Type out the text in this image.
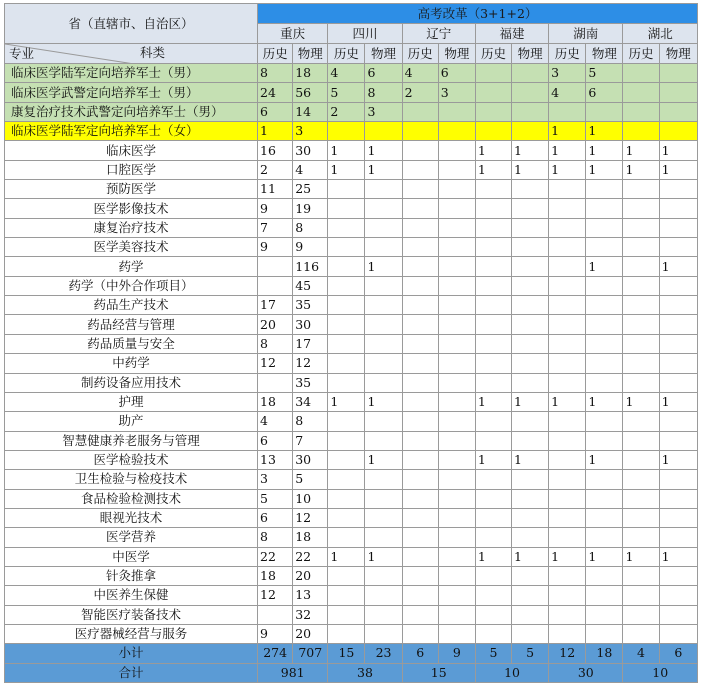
省（直辖市、自治区）	高考改革（3+1+2）											
	重庆		四川		辽宁		福建		湖南		湖北	

科类
专业	历史	物理	历史	物理	历史	物理	历史	物理	历史	物理	历史	物理

临床医学陆军定向培养军士（男）	8	18	4	6	4	6			3	5		
临床医学武警定向培养军士（男）	24	56	5	8	2	3			4	6		
康复治疗技术武警定向培养军士（男）	6	14	2	3								
临床医学陆军定向培养军士（女）	1	3							1	1		
临床医学	16	30	1	1			1	1	1	1	1	1
口腔医学	2	4	1	1			1	1	1	1	1	1
预防医学	11	25										
医学影像技术	9	19										
康复治疗技术	7	8										
医学美容技术	9	9										
药学		116		1						1		1
药学（中外合作项目）		45										
药品生产技术	17	35										
药品经营与管理	20	30										
药品质量与安全	8	17										
中药学	12	12										
制药设备应用技术		35										
护理	18	34	1	1			1	1	1	1	1	1
助产	4	8										
智慧健康养老服务与管理	6	7										
医学检验技术	13	30		1			1	1		1		1
卫生检验与检疫技术	3	5										
食品检验检测技术	5	10										
眼视光技术	6	12										
医学营养	8	18										
中医学	22	22	1	1			1	1	1	1	1	1
针灸推拿	18	20										
中医养生保健	12	13										
智能医疗装备技术		32										
医疗器械经营与服务	9	20										
小计	274	707	15	23	6	9	5	5	12	18	4	6
合计	981		38		15		10		30		10	
